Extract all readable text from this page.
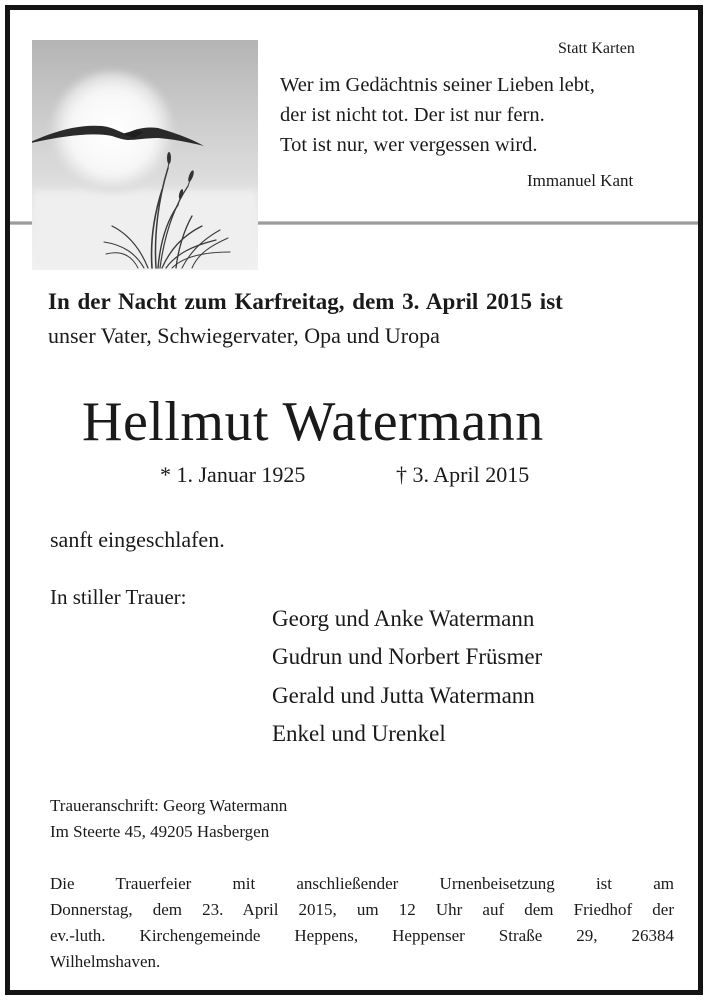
Statt Karten
Wer im Gedächtnis seiner Lieben lebt,
der ist nicht tot. Der ist nur fern.
Tot ist nur, wer vergessen wird.
Immanuel Kant
In der Nacht zum Karfreitag, dem 3. April 2015 ist
unser Vater, Schwiegervater, Opa und Uropa
Hellmut Watermann
* 1. Januar 1925	† 3. April 2015
sanft eingeschlafen.
In stiller Trauer:
Georg und Anke Watermann
Gudrun und Norbert Früsmer
Gerald und Jutta Watermann
Enkel und Urenkel
Traueranschrift: Georg Watermann
Im Steerte 45, 49205 Hasbergen
Die Trauerfeier mit anschließender Urnenbeisetzung ist am
Donnerstag, dem 23. April 2015, um 12 Uhr auf dem Friedhof der
ev.-luth. Kirchengemeinde Heppens, Heppenser Straße 29, 26384
Wilhelmshaven.
